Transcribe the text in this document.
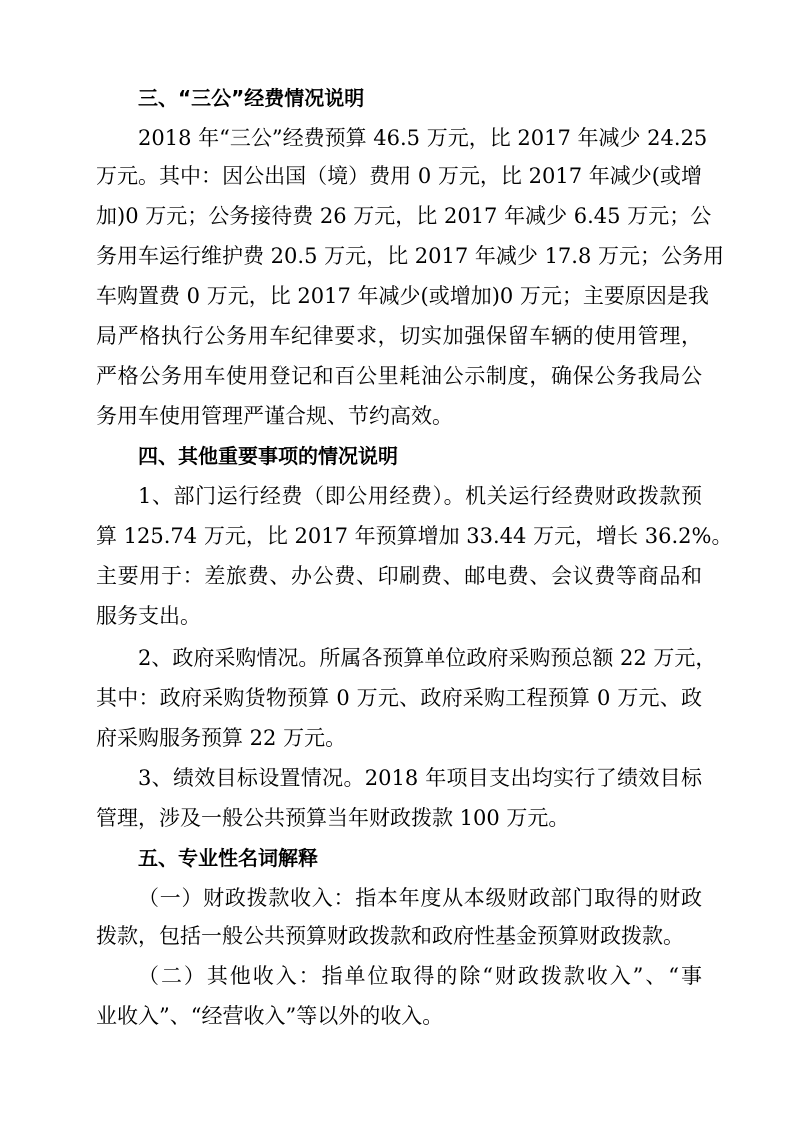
三、“三公”经费情况说明
2018 年“三公”经费预算 46.5 万元，比 2017 年减少 24.25
万元。其中：因公出国（境）费用 0 万元，比 2017 年减少(或增
加)0 万元；公务接待费 26 万元，比 2017 年减少 6.45 万元；公
务用车运行维护费 20.5 万元，比 2017 年减少 17.8 万元；公务用
车购置费 0 万元，比 2017 年减少(或增加)0 万元；主要原因是我
局严格执行公务用车纪律要求，切实加强保留车辆的使用管理，
严格公务用车使用登记和百公里耗油公示制度，确保公务我局公
务用车使用管理严谨合规、节约高效。
四、其他重要事项的情况说明
1、部门运行经费（即公用经费）。机关运行经费财政拨款预
算 125.74 万元，比 2017 年预算增加 33.44 万元，增长 36.2%。
主要用于：差旅费、办公费、印刷费、邮电费、会议费等商品和
服务支出。
2、政府采购情况。所属各预算单位政府采购预总额 22 万元，
其中：政府采购货物预算 0 万元、政府采购工程预算 0 万元、政
府采购服务预算 22 万元。
3、绩效目标设置情况。2018 年项目支出均实行了绩效目标
管理，涉及一般公共预算当年财政拨款 100 万元。
五、专业性名词解释
（一）财政拨款收入：指本年度从本级财政部门取得的财政
拨款，包括一般公共预算财政拨款和政府性基金预算财政拨款。
（二）其他收入：指单位取得的除“财政拨款收入”、“事
业收入”、“经营收入”等以外的收入。
